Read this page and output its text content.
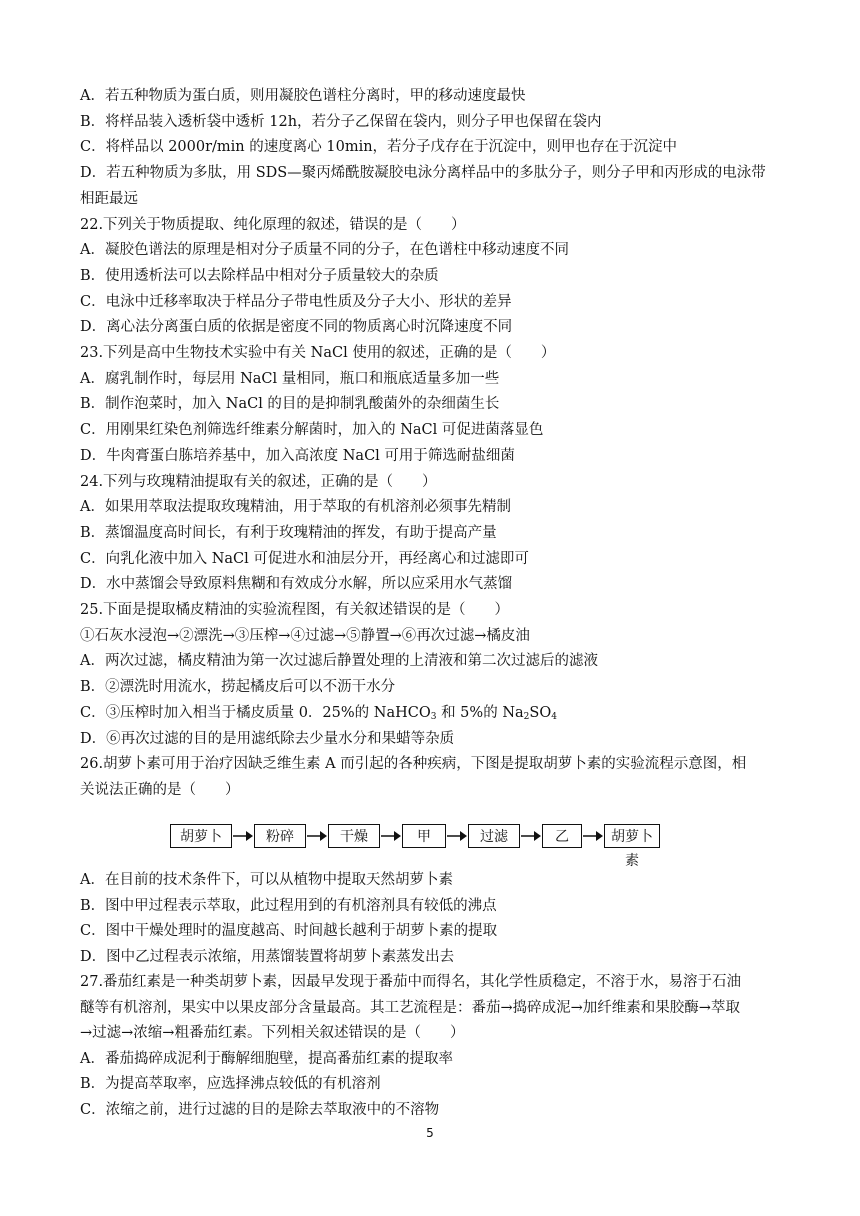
A．若五种物质为蛋白质，则用凝胶色谱柱分离时，甲的移动速度最快
B．将样品装入透析袋中透析 12h，若分子乙保留在袋内，则分子甲也保留在袋内
C．将样品以 2000r/min 的速度离心 10min，若分子戊存在于沉淀中，则甲也存在于沉淀中
D．若五种物质为多肽，用 SDS—聚丙烯酰胺凝胶电泳分离样品中的多肽分子，则分子甲和丙形成的电泳带
相距最远
22.下列关于物质提取、纯化原理的叙述，错误的是（　　）
A．凝胶色谱法的原理是相对分子质量不同的分子，在色谱柱中移动速度不同
B．使用透析法可以去除样品中相对分子质量较大的杂质
C．电泳中迁移率取决于样品分子带电性质及分子大小、形状的差异
D．离心法分离蛋白质的依据是密度不同的物质离心时沉降速度不同
23.下列是高中生物技术实验中有关 NaCl 使用的叙述，正确的是（　　）
A．腐乳制作时，每层用 NaCl 量相同，瓶口和瓶底适量多加一些
B．制作泡菜时，加入 NaCl 的目的是抑制乳酸菌外的杂细菌生长
C．用刚果红染色剂筛选纤维素分解菌时，加入的 NaCl 可促进菌落显色
D．牛肉膏蛋白胨培养基中，加入高浓度 NaCl 可用于筛选耐盐细菌
24.下列与玫瑰精油提取有关的叙述，正确的是（　　）
A．如果用萃取法提取玫瑰精油，用于萃取的有机溶剂必须事先精制
B．蒸馏温度高时间长，有利于玫瑰精油的挥发，有助于提高产量
C．向乳化液中加入 NaCl 可促进水和油层分开，再经离心和过滤即可
D．水中蒸馏会导致原料焦糊和有效成分水解，所以应采用水气蒸馏
25.下面是提取橘皮精油的实验流程图，有关叙述错误的是（　　）
①石灰水浸泡→②漂洗→③压榨→④过滤→⑤静置→⑥再次过滤→橘皮油
A．两次过滤，橘皮精油为第一次过滤后静置处理的上清液和第二次过滤后的滤液
B．②漂洗时用流水，捞起橘皮后可以不沥干水分
C．③压榨时加入相当于橘皮质量 0．25%的 NaHCO$_3$ 和 5%的 $Na_2SO_4$
D．⑥再次过滤的目的是用滤纸除去少量水分和果蜡等杂质
26.胡萝卜素可用于治疗因缺乏维生素 A 而引起的各种疾病，下图是提取胡萝卜素的实验流程示意图，相
关说法正确的是（　　）
胡萝卜	粉碎	干燥	甲	过滤	乙	胡萝卜素
A．在目前的技术条件下，可以从植物中提取天然胡萝卜素
B．图中甲过程表示萃取，此过程用到的有机溶剂具有较低的沸点
C．图中干燥处理时的温度越高、时间越长越利于胡萝卜素的提取
D．图中乙过程表示浓缩，用蒸馏装置将胡萝卜素蒸发出去
27.番茄红素是一种类胡萝卜素，因最早发现于番茄中而得名，其化学性质稳定，不溶于水，易溶于石油
醚等有机溶剂，果实中以果皮部分含量最高。其工艺流程是：番茄→捣碎成泥→加纤维素和果胶酶→萃取
→过滤→浓缩→粗番茄红素。下列相关叙述错误的是（　　）
A．番茄捣碎成泥利于酶解细胞壁，提高番茄红素的提取率
B．为提高萃取率，应选择沸点较低的有机溶剂
C．浓缩之前，进行过滤的目的是除去萃取液中的不溶物
5
